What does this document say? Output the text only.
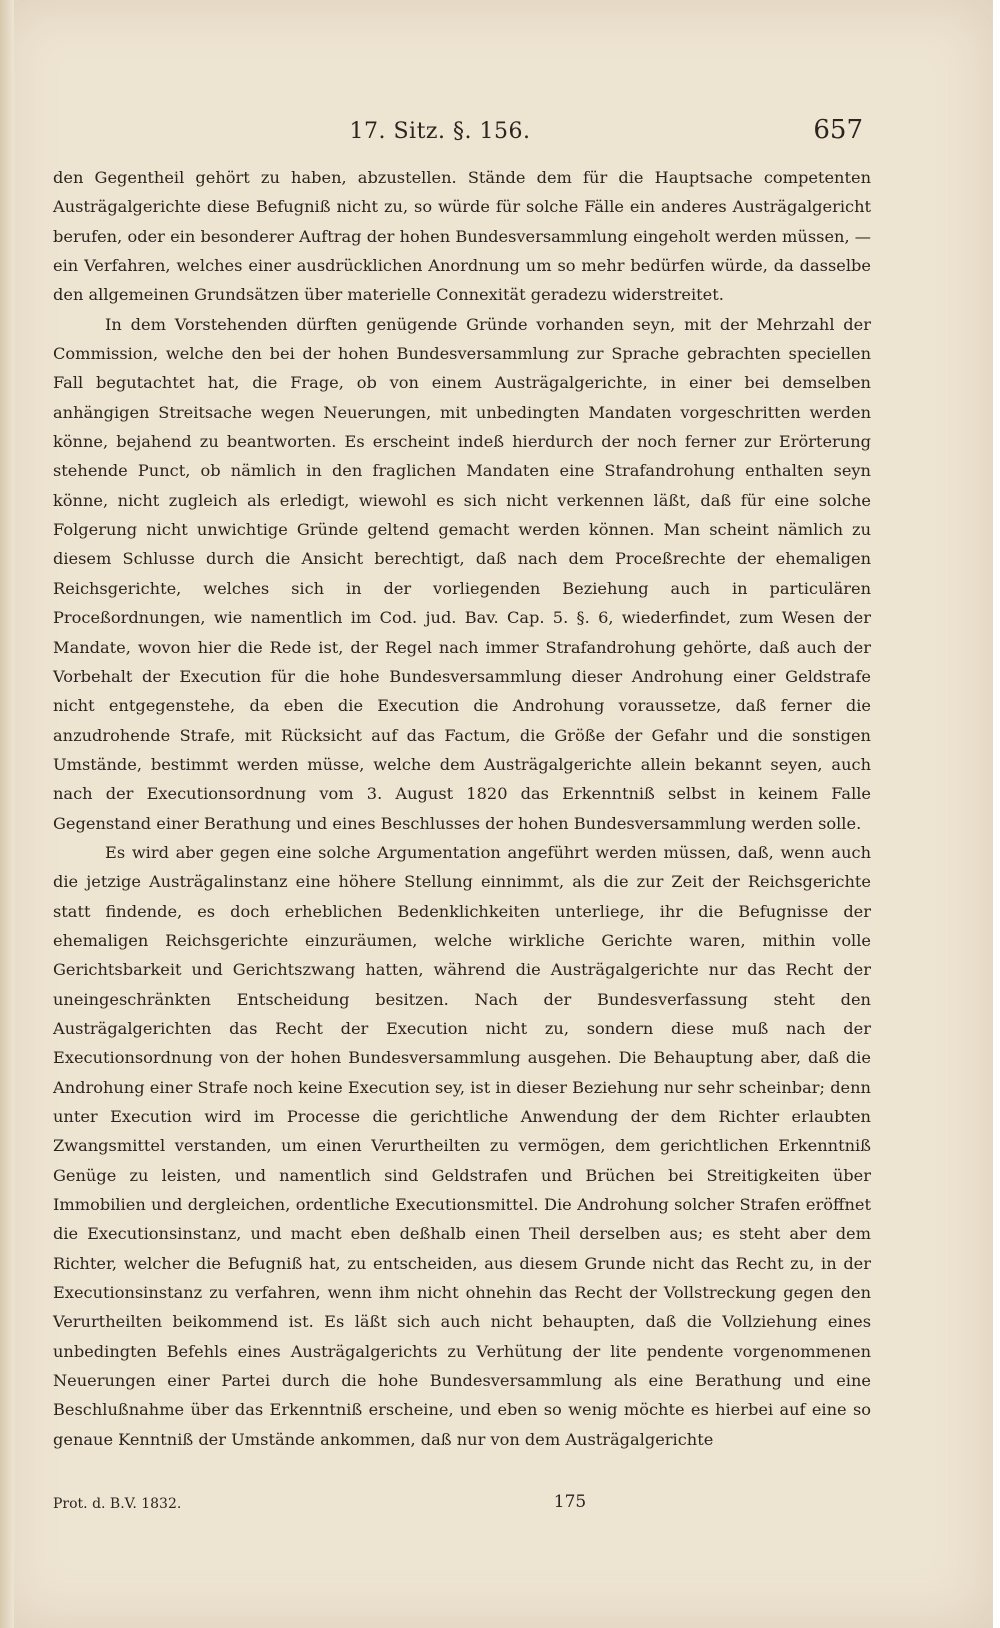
17. Sitz. §. 156.	657

den Gegentheil gehört zu haben, abzustellen. Stände dem für die Hauptsache competenten Austrägalgerichte diese Befugniß nicht zu, so würde für solche Fälle ein anderes Austrägalgericht berufen, oder ein besonderer Auftrag der hohen Bundesversammlung eingeholt werden müssen, — ein Verfahren, welches einer ausdrücklichen Anordnung um so mehr bedürfen würde, da dasselbe den allgemeinen Grundsätzen über materielle Connexität geradezu widerstreitet.

In dem Vorstehenden dürften genügende Gründe vorhanden seyn, mit der Mehrzahl der Commission, welche den bei der hohen Bundesversammlung zur Sprache gebrachten speciellen Fall begutachtet hat, die Frage, ob von einem Austrägalgerichte, in einer bei demselben anhängigen Streitsache wegen Neuerungen, mit unbedingten Mandaten vorgeschritten werden könne, bejahend zu beantworten. Es erscheint indeß hierdurch der noch ferner zur Erörterung stehende Punct, ob nämlich in den fraglichen Mandaten eine Strafandrohung enthalten seyn könne, nicht zugleich als erledigt, wiewohl es sich nicht verkennen läßt, daß für eine solche Folgerung nicht unwichtige Gründe geltend gemacht werden können. Man scheint nämlich zu diesem Schlusse durch die Ansicht berechtigt, daß nach dem Proceßrechte der ehemaligen Reichsgerichte, welches sich in der vorliegenden Beziehung auch in particulären Proceßordnungen, wie namentlich im Cod. jud. Bav. Cap. 5. §. 6, wiederfindet, zum Wesen der Mandate, wovon hier die Rede ist, der Regel nach immer Strafandrohung gehörte, daß auch der Vorbehalt der Execution für die hohe Bundesversammlung dieser Androhung einer Geldstrafe nicht entgegenstehe, da eben die Execution die Androhung voraussetze, daß ferner die anzudrohende Strafe, mit Rücksicht auf das Factum, die Größe der Gefahr und die sonstigen Umstände, bestimmt werden müsse, welche dem Austrägalgerichte allein bekannt seyen, auch nach der Executionsordnung vom 3. August 1820 das Erkenntniß selbst in keinem Falle Gegenstand einer Berathung und eines Beschlusses der hohen Bundesversammlung werden solle.

Es wird aber gegen eine solche Argumentation angeführt werden müssen, daß, wenn auch die jetzige Austrägalinstanz eine höhere Stellung einnimmt, als die zur Zeit der Reichsgerichte statt findende, es doch erheblichen Bedenklichkeiten unterliege, ihr die Befugnisse der ehemaligen Reichsgerichte einzuräumen, welche wirkliche Gerichte waren, mithin volle Gerichtsbarkeit und Gerichtszwang hatten, während die Austrägalgerichte nur das Recht der uneingeschränkten Entscheidung besitzen. Nach der Bundesverfassung steht den Austrägalgerichten das Recht der Execution nicht zu, sondern diese muß nach der Executionsordnung von der hohen Bundesversammlung ausgehen. Die Behauptung aber, daß die Androhung einer Strafe noch keine Execution sey, ist in dieser Beziehung nur sehr scheinbar; denn unter Execution wird im Processe die gerichtliche Anwendung der dem Richter erlaubten Zwangsmittel verstanden, um einen Verurtheilten zu vermögen, dem gerichtlichen Erkenntniß Genüge zu leisten, und namentlich sind Geldstrafen und Brüchen bei Streitigkeiten über Immobilien und dergleichen, ordentliche Executionsmittel. Die Androhung solcher Strafen eröffnet die Executionsinstanz, und macht eben deßhalb einen Theil derselben aus; es steht aber dem Richter, welcher die Befugniß hat, zu entscheiden, aus diesem Grunde nicht das Recht zu, in der Executionsinstanz zu verfahren, wenn ihm nicht ohnehin das Recht der Vollstreckung gegen den Verurtheilten beikommend ist. Es läßt sich auch nicht behaupten, daß die Vollziehung eines unbedingten Befehls eines Austrägalgerichts zu Verhütung der lite pendente vorgenommenen Neuerungen einer Partei durch die hohe Bundesversammlung als eine Berathung und eine Beschlußnahme über das Erkenntniß erscheine, und eben so wenig möchte es hierbei auf eine so genaue Kenntniß der Umstände ankommen, daß nur von dem Austrägalgerichte

Prot. d. B.V. 1832.	175
